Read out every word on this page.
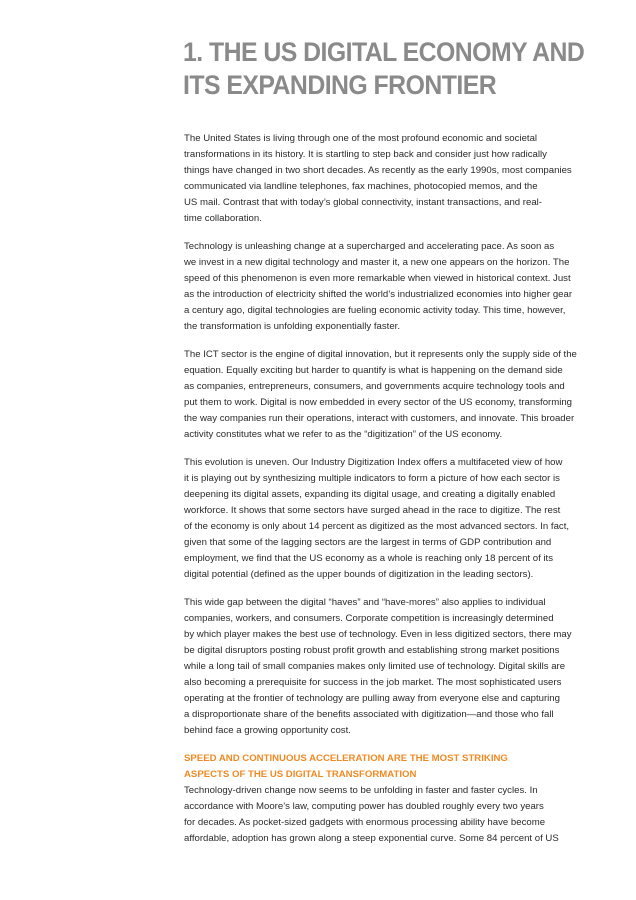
1. THE US DIGITAL ECONOMY AND
ITS EXPANDING FRONTIER

The United States is living through one of the most profound economic and societal
transformations in its history. It is startling to step back and consider just how radically
things have changed in two short decades. As recently as the early 1990s, most companies
communicated via landline telephones, fax machines, photocopied memos, and the
US mail. Contrast that with today’s global connectivity, instant transactions, and real-
time collaboration.

Technology is unleashing change at a supercharged and accelerating pace. As soon as
we invest in a new digital technology and master it, a new one appears on the horizon. The
speed of this phenomenon is even more remarkable when viewed in historical context. Just
as the introduction of electricity shifted the world’s industrialized economies into higher gear
a century ago, digital technologies are fueling economic activity today. This time, however,
the transformation is unfolding exponentially faster.

The ICT sector is the engine of digital innovation, but it represents only the supply side of the
equation. Equally exciting but harder to quantify is what is happening on the demand side
as companies, entrepreneurs, consumers, and governments acquire technology tools and
put them to work. Digital is now embedded in every sector of the US economy, transforming
the way companies run their operations, interact with customers, and innovate. This broader
activity constitutes what we refer to as the “digitization” of the US economy.

This evolution is uneven. Our Industry Digitization Index offers a multifaceted view of how
it is playing out by synthesizing multiple indicators to form a picture of how each sector is
deepening its digital assets, expanding its digital usage, and creating a digitally enabled
workforce. It shows that some sectors have surged ahead in the race to digitize. The rest
of the economy is only about 14 percent as digitized as the most advanced sectors. In fact,
given that some of the lagging sectors are the largest in terms of GDP contribution and
employment, we find that the US economy as a whole is reaching only 18 percent of its
digital potential (defined as the upper bounds of digitization in the leading sectors).

This wide gap between the digital “haves” and “have-mores” also applies to individual
companies, workers, and consumers. Corporate competition is increasingly determined
by which player makes the best use of technology. Even in less digitized sectors, there may
be digital disruptors posting robust profit growth and establishing strong market positions
while a long tail of small companies makes only limited use of technology. Digital skills are
also becoming a prerequisite for success in the job market. The most sophisticated users
operating at the frontier of technology are pulling away from everyone else and capturing
a disproportionate share of the benefits associated with digitization—and those who fall
behind face a growing opportunity cost.

SPEED AND CONTINUOUS ACCELERATION ARE THE MOST STRIKING
ASPECTS OF THE US DIGITAL TRANSFORMATION

Technology-driven change now seems to be unfolding in faster and faster cycles. In
accordance with Moore’s law, computing power has doubled roughly every two years
for decades. As pocket-sized gadgets with enormous processing ability have become
affordable, adoption has grown along a steep exponential curve. Some 84 percent of US
